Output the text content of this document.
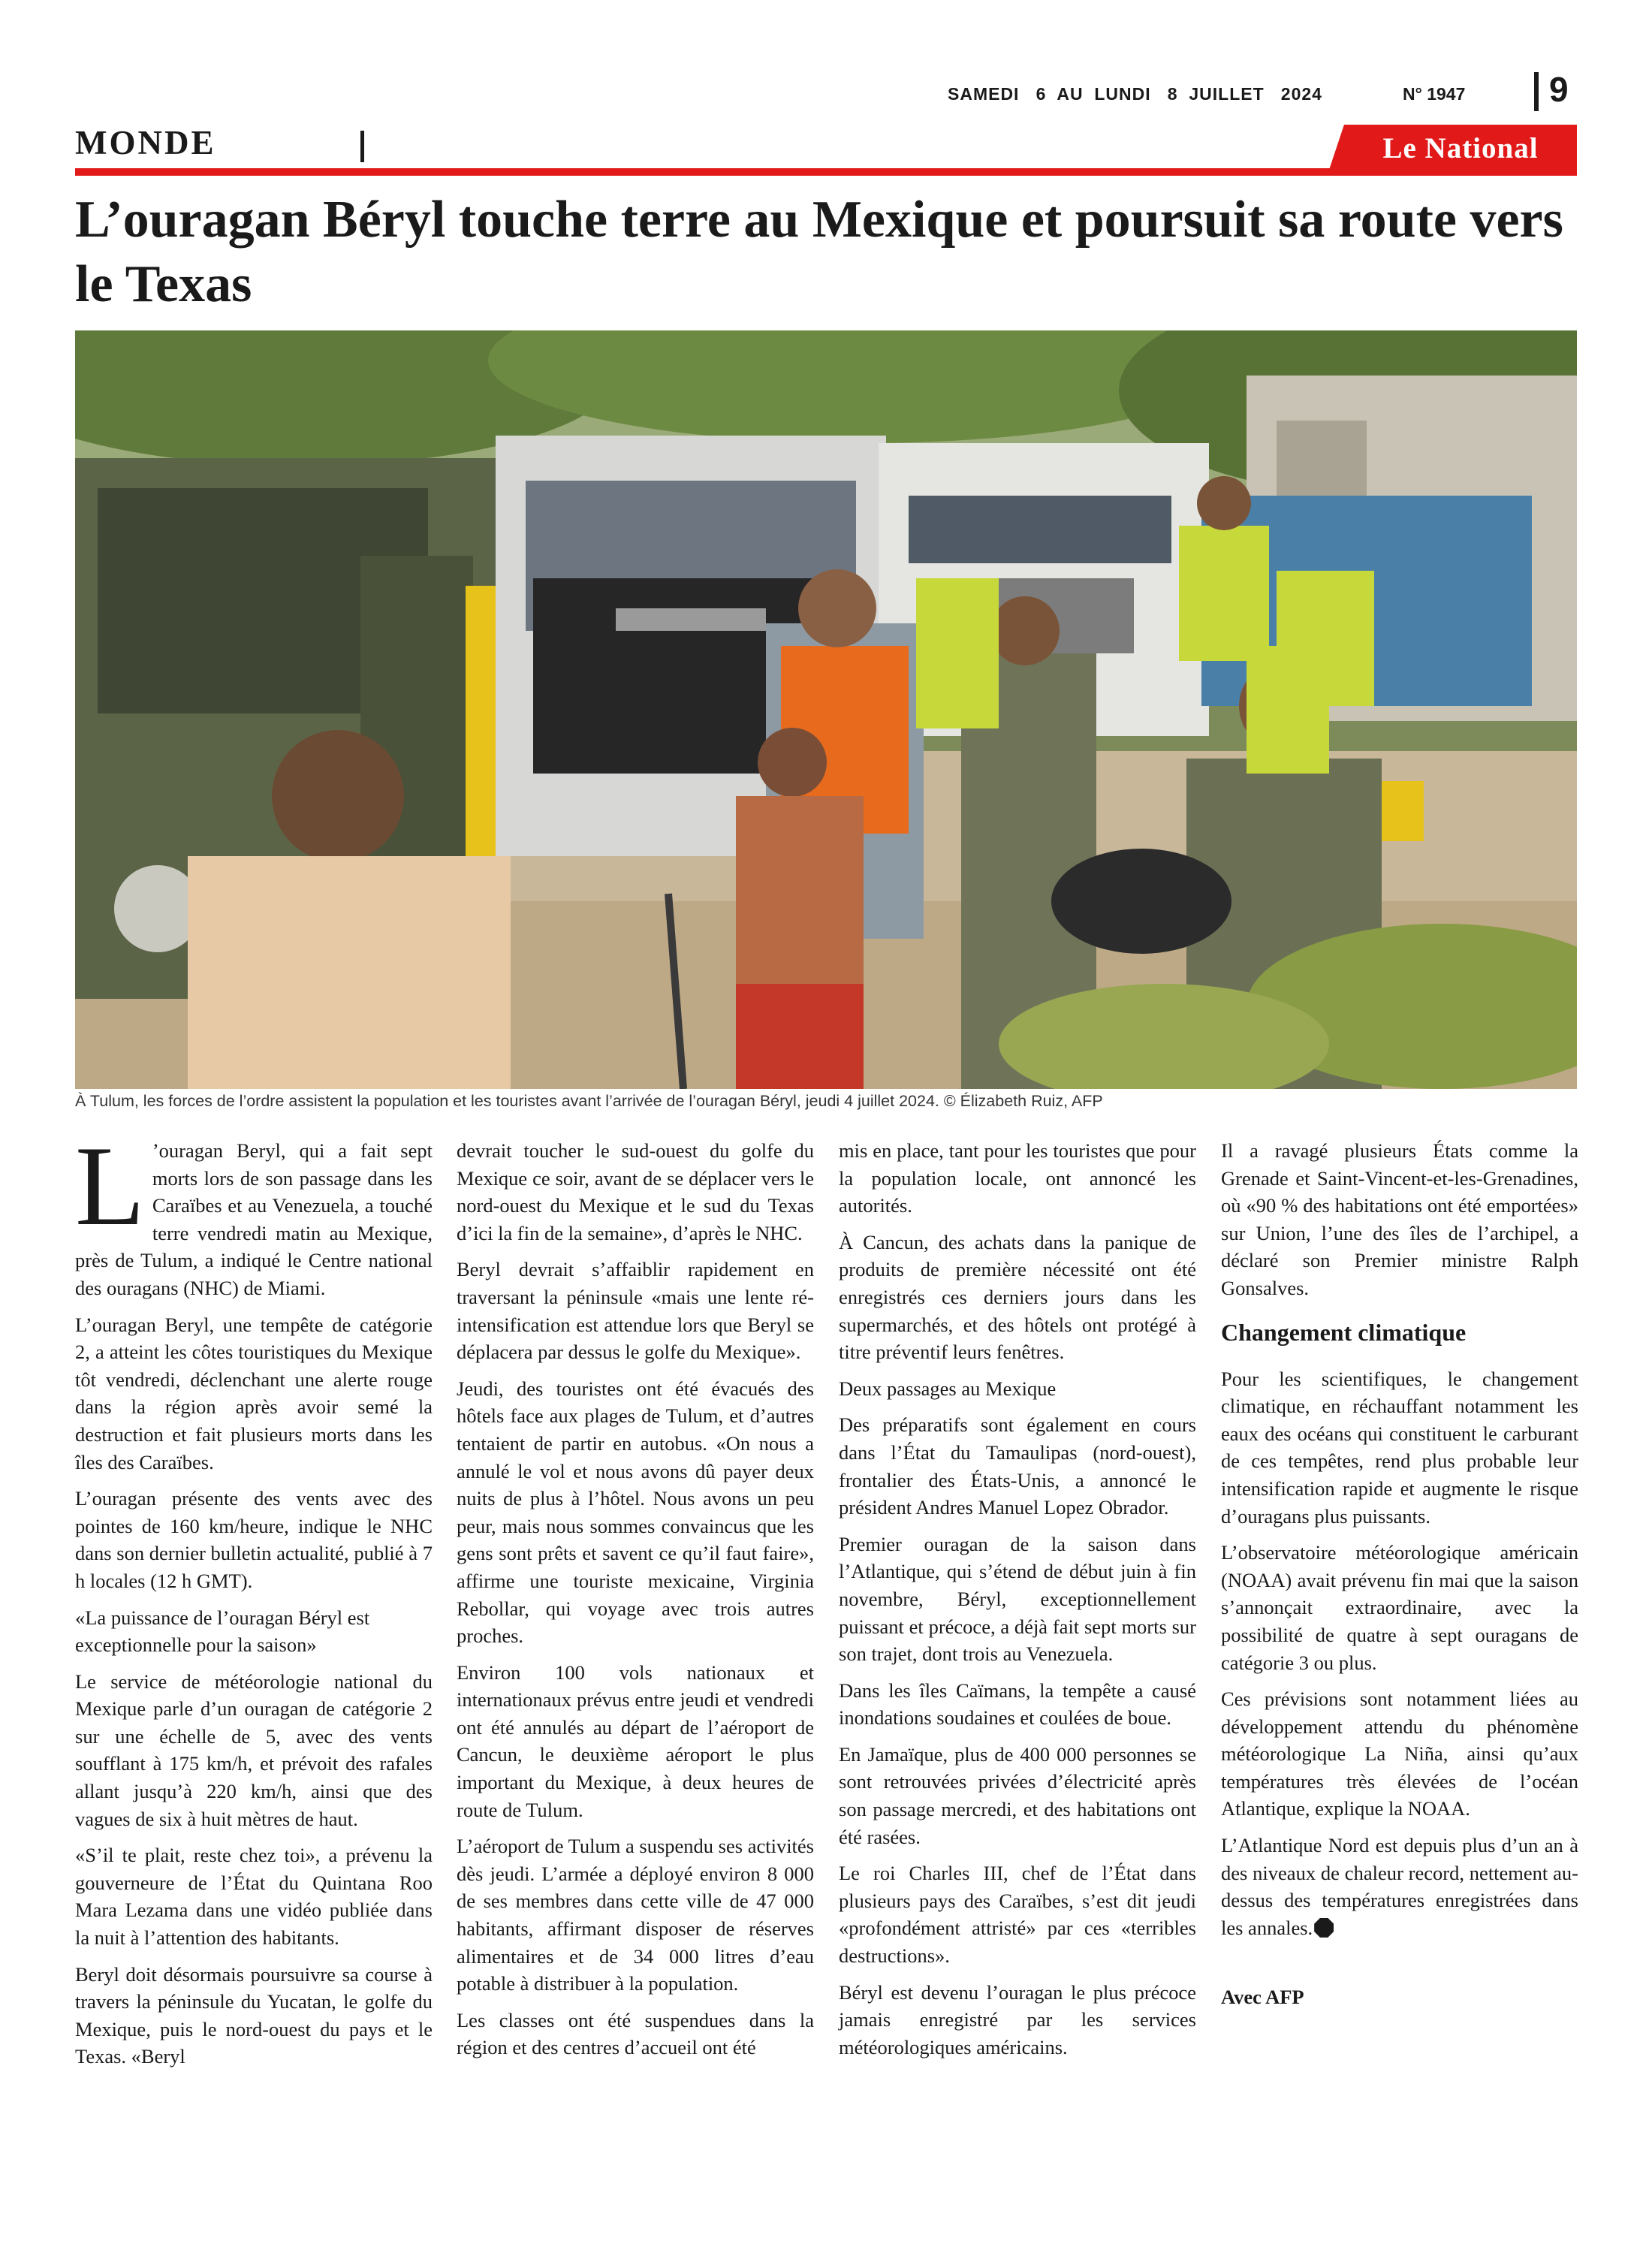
SAMEDI   6  AU  LUNDI   8  JUILLET   2024	N° 1947 9
MONDE	Le National
L’ouragan Béryl touche terre au Mexique et poursuit sa route vers le Texas
À Tulum, les forces de l’ordre assistent la population et les touristes avant l’arrivée de l’ouragan Béryl, jeudi 4 juillet 2024. © Élizabeth Ruiz, AFP

L ’ouragan Beryl, qui a fait sept morts lors de son passage dans les Caraïbes et au Venezuela, a touché terre vendredi matin au Mexique, près de Tulum, a indiqué le Centre national des ouragans (NHC) de Miami.

L’ouragan Beryl, une tempête de catégorie 2, a atteint les côtes touristiques du Mexique tôt vendredi, déclenchant une alerte rouge dans la région après avoir semé la destruction et fait plusieurs morts dans les îles des Caraïbes.

L’ouragan présente des vents avec des pointes de 160 km/heure, indique le NHC dans son dernier bulletin actualité, publié à 7 h locales (12 h GMT).

«La puissance de l’ouragan Béryl est exceptionnelle pour la saison»

Le service de météorologie national du Mexique parle d’un ouragan de catégorie 2 sur une échelle de 5, avec des vents soufflant à 175 km/h, et prévoit des rafales allant jusqu’à 220 km/h, ainsi que des vagues de six à huit mètres de haut.

«S’il te plait, reste chez toi», a prévenu la gouverneure de l’État du Quintana Roo Mara Lezama dans une vidéo publiée dans la nuit à l’attention des habitants.

Beryl doit désormais poursuivre sa course à travers la péninsule du Yucatan, le golfe du Mexique, puis le nord-ouest du pays et le Texas. «Beryl

devrait toucher le sud-ouest du golfe du Mexique ce soir, avant de se déplacer vers le nord-ouest du Mexique et le sud du Texas d’ici la fin de la semaine», d’après le NHC.

Beryl devrait s’affaiblir rapidement en traversant la péninsule «mais une lente ré-intensification est attendue lors que Beryl se déplacera par dessus le golfe du Mexique».

Jeudi, des touristes ont été évacués des hôtels face aux plages de Tulum, et d’autres tentaient de partir en autobus. «On nous a annulé le vol et nous avons dû payer deux nuits de plus à l’hôtel. Nous avons un peu peur, mais nous sommes convaincus que les gens sont prêts et savent ce qu’il faut faire», affirme une touriste mexicaine, Virginia Rebollar, qui voyage avec trois autres proches.

Environ 100 vols nationaux et internationaux prévus entre jeudi et vendredi ont été annulés au départ de l’aéroport de Cancun, le deuxième aéroport le plus important du Mexique, à deux heures de route de Tulum.

L’aéroport de Tulum a suspendu ses activités dès jeudi. L’armée a déployé environ 8 000 de ses membres dans cette ville de 47 000 habitants, affirmant disposer de réserves alimentaires et de 34 000 litres d’eau potable à distribuer à la population.

Les classes ont été suspendues dans la région et des centres d’accueil ont été

mis en place, tant pour les touristes que pour la population locale, ont annoncé les autorités.

À Cancun, des achats dans la panique de produits de première nécessité ont été enregistrés ces derniers jours dans les supermarchés, et des hôtels ont protégé à titre préventif leurs fenêtres.

Deux passages au Mexique

Des préparatifs sont également en cours dans l’État du Tamaulipas (nord-ouest), frontalier des États-Unis, a annoncé le président Andres Manuel Lopez Obrador.

Premier ouragan de la saison dans l’Atlantique, qui s’étend de début juin à fin novembre, Béryl, exceptionnellement puissant et précoce, a déjà fait sept morts sur son trajet, dont trois au Venezuela.

Dans les îles Caïmans, la tempête a causé inondations soudaines et coulées de boue.

En Jamaïque, plus de 400 000 personnes se sont retrouvées privées d’électricité après son passage mercredi, et des habitations ont été rasées.

Le roi Charles III, chef de l’État dans plusieurs pays des Caraïbes, s’est dit jeudi «profondément attristé» par ces «terribles destructions».

Béryl est devenu l’ouragan le plus précoce jamais enregistré par les services météorologiques américains.

Il a ravagé plusieurs États comme la Grenade et Saint-Vincent-et-les-Grenadines, où «90 % des habitations ont été emportées» sur Union, l’une des îles de l’archipel, a déclaré son Premier ministre Ralph Gonsalves.

Changement climatique

Pour les scientifiques, le changement climatique, en réchauffant notamment les eaux des océans qui constituent le carburant de ces tempêtes, rend plus probable leur intensification rapide et augmente le risque d’ouragans plus puissants.

L’observatoire météorologique américain (NOAA) avait prévenu fin mai que la saison s’annonçait extraordinaire, avec la possibilité de quatre à sept ouragans de catégorie 3 ou plus.

Ces prévisions sont notamment liées au développement attendu du phénomène météorologique La Niña, ainsi qu’aux températures très élevées de l’océan Atlantique, explique la NOAA.

L’Atlantique Nord est depuis plus d’un an à des niveaux de chaleur record, nettement au-dessus des températures enregistrées dans les annales.

Avec AFP
